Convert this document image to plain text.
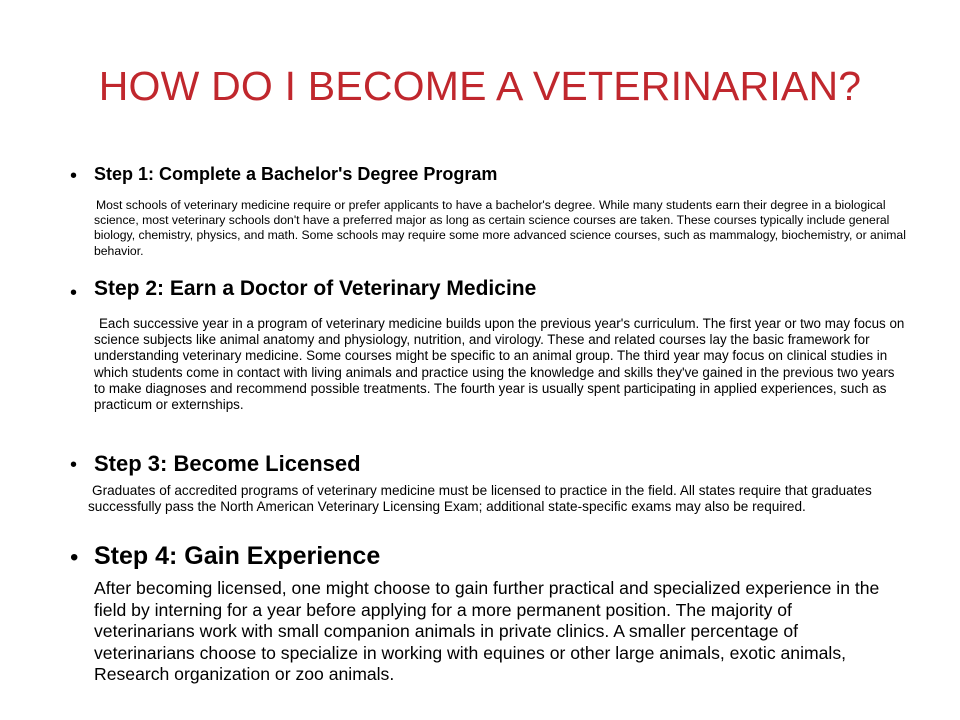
HOW DO I BECOME A VETERINARIAN?
• Step 1: Complete a Bachelor's Degree Program
Most schools of veterinary medicine require or prefer applicants to have a bachelor's degree. While many students earn their degree in a biological science, most veterinary schools don't have a preferred major as long as certain science courses are taken. These courses typically include general biology, chemistry, physics, and math. Some schools may require some more advanced science courses, such as mammalogy, biochemistry, or animal behavior.
• Step 2: Earn a Doctor of Veterinary Medicine
Each successive year in a program of veterinary medicine builds upon the previous year's curriculum. The first year or two may focus on science subjects like animal anatomy and physiology, nutrition, and virology. These and related courses lay the basic framework for understanding veterinary medicine. Some courses might be specific to an animal group. The third year may focus on clinical studies in which students come in contact with living animals and practice using the knowledge and skills they've gained in the previous two years to make diagnoses and recommend possible treatments. The fourth year is usually spent participating in applied experiences, such as practicum or externships.
• Step 3: Become Licensed
Graduates of accredited programs of veterinary medicine must be licensed to practice in the field. All states require that graduates successfully pass the North American Veterinary Licensing Exam; additional state-specific exams may also be required.
• Step 4: Gain Experience
After becoming licensed, one might choose to gain further practical and specialized experience in the field by interning for a year before applying for a more permanent position. The majority of veterinarians work with small companion animals in private clinics. A smaller percentage of veterinarians choose to specialize in working with equines or other large animals, exotic animals, Research organization or zoo animals.
